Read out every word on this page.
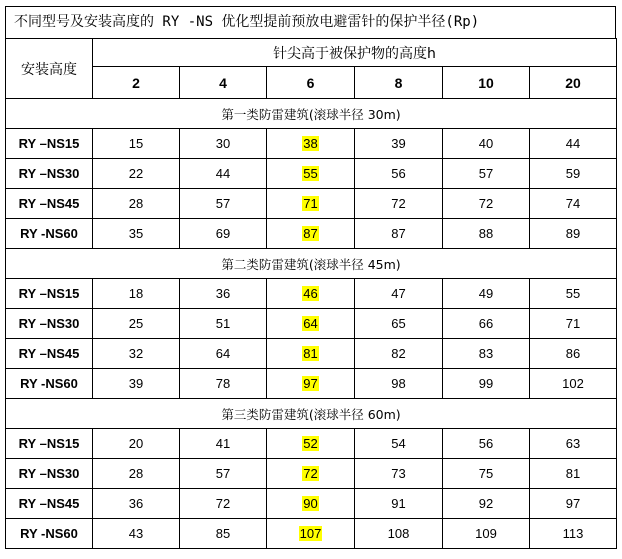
不同型号及安装高度的 RY -NS 优化型提前预放电避雷针的保护半径(Rp)
安装高度	针尖高于被保护物的高度h					
	2	4	6	8	10	20
第一类防雷建筑(滚球半径 30m)						
RY –NS15	15	30	38	39	40	44
RY –NS30	22	44	55	56	57	59
RY –NS45	28	57	71	72	72	74
RY -NS60	35	69	87	87	88	89
第二类防雷建筑(滚球半径 45m)						
RY –NS15	18	36	46	47	49	55
RY –NS30	25	51	64	65	66	71
RY –NS45	32	64	81	82	83	86
RY -NS60	39	78	97	98	99	102
第三类防雷建筑(滚球半径 60m)						
RY –NS15	20	41	52	54	56	63
RY –NS30	28	57	72	73	75	81
RY –NS45	36	72	90	91	92	97
RY -NS60	43	85	107	108	109	113
